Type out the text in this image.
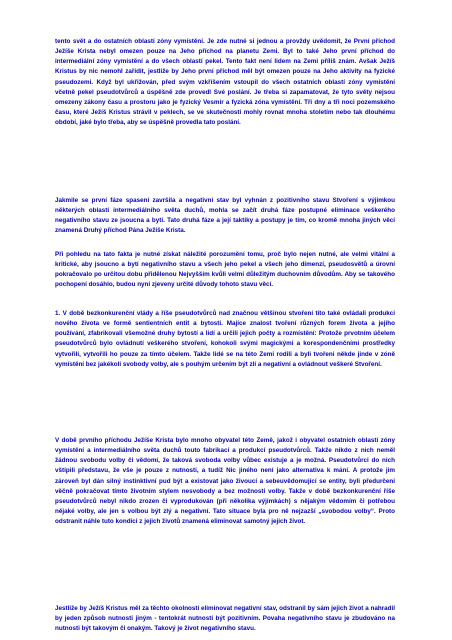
tento svět a do ostatních oblastí zóny vymístění. Je zde nutné si jednou a provždy uvědomit, že První příchod Ježíše Krista nebyl omezen pouze na Jeho příchod na planetu Zemi. Byl to také Jeho první příchod do intermediální zóny vymístění a do všech oblastí pekel. Tento fakt není lidem na Zemi příliš znám. Avšak Ježíš Kristus by nic nemohl zařídit, jestliže by Jeho první příchod měl být omezen pouze na Jeho aktivity na fyzické pseudozemi. Když byl ukřižován, před svým vzkříšením vstoupil do všech ostatních oblastí zóny vymístění včetně pekel pseudotvůrců a úspěšně zde provedl Své poslání. Je třeba si zapamatovat, že tyto světy nejsou omezeny zákony času a prostoru jako je fyzický Vesmír a fyzická zóna vymístění. Tři dny a tři noci pozemského času, které Ježíš Kristus strávil v peklech, se ve skutečnosti mohly rovnat mnoha stoletím nebo tak dlouhému období, jaké bylo třeba, aby se úspěšně provedla tato poslání.

Jakmile se první fáze spasení završila a negativní stav byl vyhnán z pozitivního stavu Stvoření s výjimkou některých oblastí intermediálního světa duchů, mohla se začít druhá fáze postupné eliminace veškerého negativního stavu ze jsoucna a bytí. Tato druhá fáze a její taktiky a postupy je tím, co kromě mnoha jiných věcí znamená Druhý příchod Pána Ježíše Krista.

Při pohledu na tato fakta je nutné získat náležité porozumění tomu, proč bylo nejen nutné, ale velmi vitální a kritické, aby jsoucno a bytí negativního stavu a všech jeho pekel a všech jeho dimenzí, pseudosvětů a úrovní pokračovalo po určitou dobu přidělenou Nejvyšším kvůli velmi důležitým duchovním důvodům. Aby se takového pochopení dosáhlo, budou nyní zjeveny určité důvody tohoto stavu věcí.

1. V době bezkonkurenční vlády a říše pseudotvůrců nad značnou většinou stvoření tito také ovládali produkci nového života ve formě sentientních entit a bytostí. Majíce znalost tvoření různých forem života a jejího používání, zfabrikovali všemožné druhy bytostí a lidí a určili jejich počty a rozmístění: Protože prvotním účelem pseudotvůrců bylo ovládnutí veškerého stvoření, kohokoli svými magickými a korespondenčními prostředky vytvořili, vytvořili ho pouze za tímto účelem. Takže lidé se na této Zemi rodili a byli tvořeni někde jinde v zóně vymístění bez jakékoli svobody volby, ale s pouhým určením být zlí a negativní a ovládnout veškeré Stvoření.

V době prvního příchodu Ježíše Krista bylo mnoho obyvatel této Země, jakož i obyvatel ostatních oblastí zóny vymístění a intermediálního světa duchů touto fabrikací a produkcí pseudotvůrců. Takže nikdo z nich neměl žádnou svobodu volby či vědomí, že taková svoboda volby vůbec existuje a je možná. Pseudotvůrci do nich vštípili představu, že vše je pouze z nutnosti, a tudíž Nic jiného není jako alternativa k mání. A protože jim zároveň byl dán silný instinktivní pud být a existovat jako živoucí a sebeuvědomující se entity, byli předurčeni věčně pokračovat tímto životním stylem nesvobody a bez možnosti volby. Takže v době bezkonkurenční říše pseudotvůrců nebyl nikdo zrozen či vyprodukován (při několika výjimkách) s nějakým vědomím či potřebou nějaké volby, ale jen s volbou být zlý a negativní. Tato situace byla pro ně nejzazší „svobodou volby“. Proto odstranit náhle tuto kondici z jejich životů znamená eliminovat samotný jejich život.

Jestliže by Ježíš Kristus měl za těchto okolností eliminovat negativní stav, odstranil by sám jejich život a nahradil by jeden způsob nutnosti jiným - tentokrát nutností být pozitivním. Povaha negativního stavu je zbudováno na nutnosti být takovým či onakým. Takový je život negativního stavu.
